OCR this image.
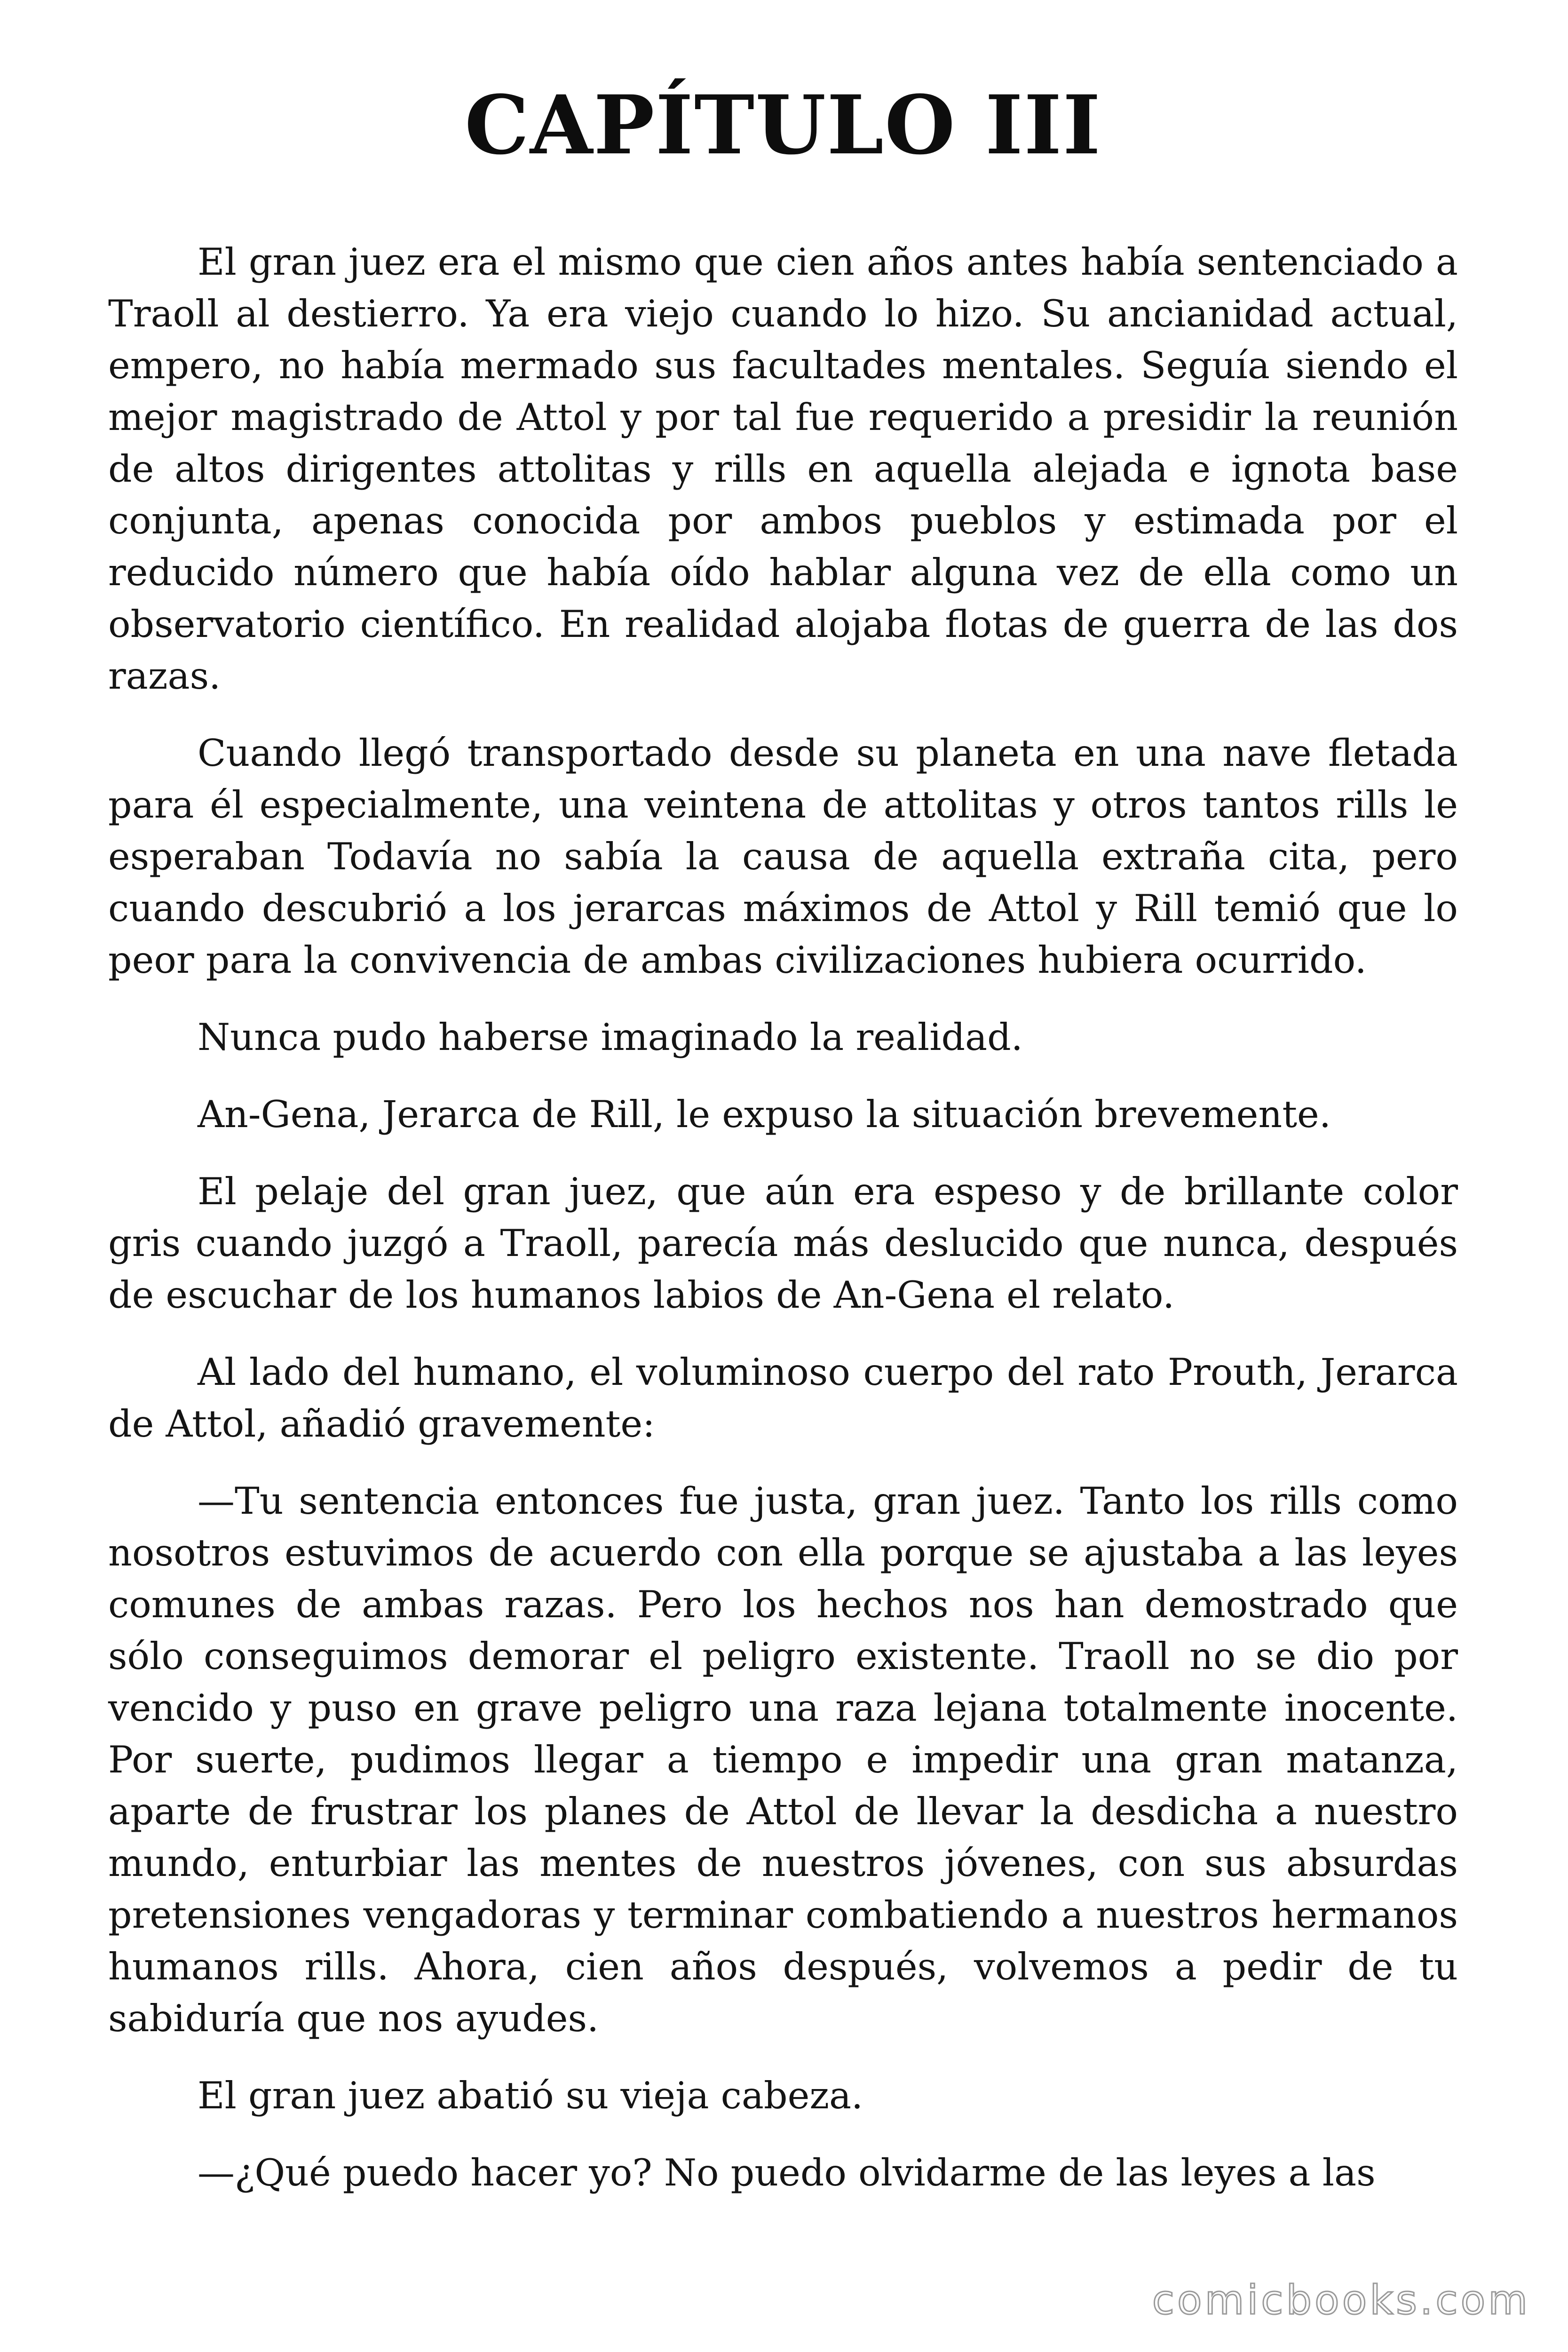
CAPÍTULO III

El gran juez era el mismo que cien años antes había sentenciado a Traoll al destierro. Ya era viejo cuando lo hizo. Su ancianidad actual, empero, no había mermado sus facultades mentales. Seguía siendo el mejor magistrado de Attol y por tal fue requerido a presidir la reunión de altos dirigentes attolitas y rills en aquella alejada e ignota base conjunta, apenas conocida por ambos pueblos y estimada por el reducido número que había oído hablar alguna vez de ella como un observatorio científico. En realidad alojaba flotas de guerra de las dos razas.

Cuando llegó transportado desde su planeta en una nave fletada para él especialmente, una veintena de attolitas y otros tantos rills le esperaban Todavía no sabía la causa de aquella extraña cita, pero cuando descubrió a los jerarcas máximos de Attol y Rill temió que lo peor para la convivencia de ambas civilizaciones hubiera ocurrido.

Nunca pudo haberse imaginado la realidad.

An-Gena, Jerarca de Rill, le expuso la situación brevemente.

El pelaje del gran juez, que aún era espeso y de brillante color gris cuando juzgó a Traoll, parecía más deslucido que nunca, después de escuchar de los humanos labios de An-Gena el relato.

Al lado del humano, el voluminoso cuerpo del rato Prouth, Jerarca de Attol, añadió gravemente:

—Tu sentencia entonces fue justa, gran juez. Tanto los rills como nosotros estuvimos de acuerdo con ella porque se ajustaba a las leyes comunes de ambas razas. Pero los hechos nos han demostrado que sólo conseguimos demorar el peligro existente. Traoll no se dio por vencido y puso en grave peligro una raza lejana totalmente inocente. Por suerte, pudimos llegar a tiempo e impedir una gran matanza, aparte de frustrar los planes de Attol de llevar la desdicha a nuestro mundo, enturbiar las mentes de nuestros jóvenes, con sus absurdas pretensiones vengadoras y terminar combatiendo a nuestros hermanos humanos rills. Ahora, cien años después, volvemos a pedir de tu sabiduría que nos ayudes.

El gran juez abatió su vieja cabeza.

—¿Qué puedo hacer yo? No puedo olvidarme de las leyes a las

comicbooks.com
